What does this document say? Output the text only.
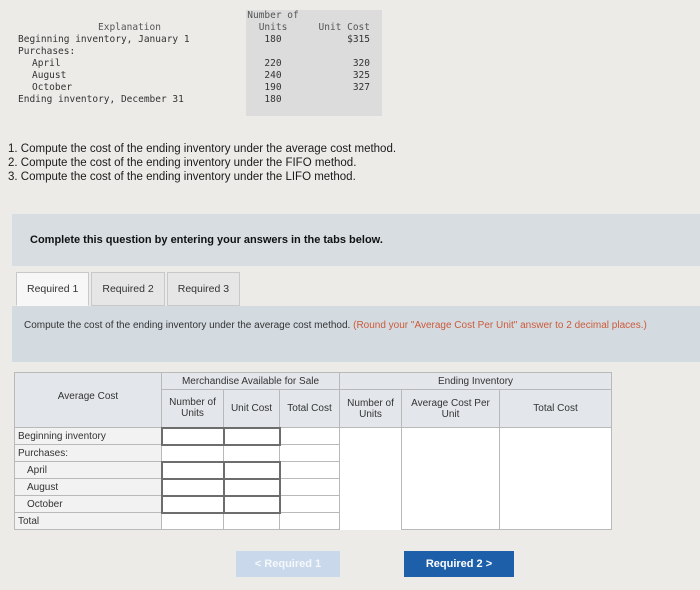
Number of
Explanation	Units	Unit Cost
Beginning inventory, January 1	180	$315
Purchases:
April	220	320
August	240	325
October	190	327
Ending inventory, December 31	180
1. Compute the cost of the ending inventory under the average cost method.
2. Compute the cost of the ending inventory under the FIFO method.
3. Compute the cost of the ending inventory under the LIFO method.
Complete this question by entering your answers in the tabs below.
Required 1	Required 2	Required 3
Compute the cost of the ending inventory under the average cost method. (Round your "Average Cost Per Unit" answer to 2 decimal places.)
Average Cost	Merchandise Available for Sale			Ending Inventory		
	Number of Units	Unit Cost	Total Cost	Number of Units	Average Cost Per Unit	Total Cost

Beginning inventory						
Purchases:						
April						
August						
October						
Total						
< Required 1	Required 2 >
